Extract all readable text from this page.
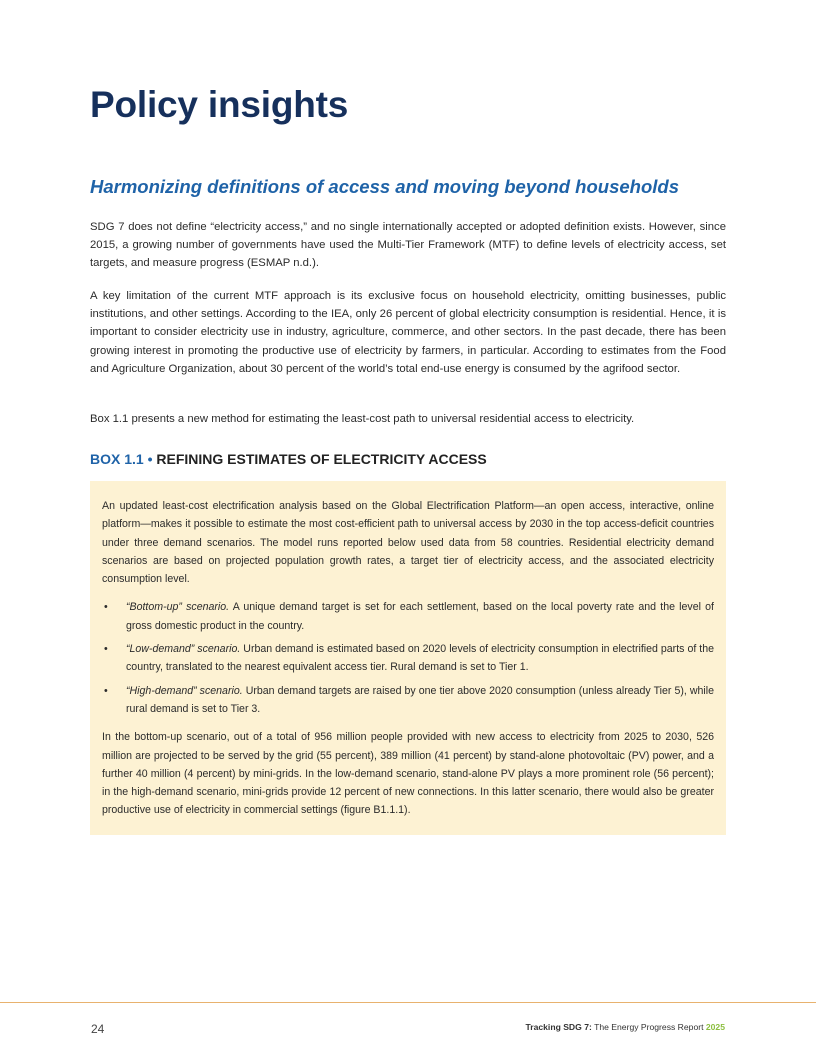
Policy insights
Harmonizing definitions of access and moving beyond households

SDG 7 does not define “electricity access,” and no single internationally accepted or adopted definition exists. However, since 2015, a growing number of governments have used the Multi-Tier Framework (MTF) to define levels of electricity access, set targets, and measure progress (ESMAP n.d.).

A key limitation of the current MTF approach is its exclusive focus on household electricity, omitting businesses, public institutions, and other settings. According to the IEA, only 26 percent of global electricity consumption is residential. Hence, it is important to consider electricity use in industry, agriculture, commerce, and other sectors. In the past decade, there has been growing interest in promoting the productive use of electricity by farmers, in particular. According to estimates from the Food and Agriculture Organization, about 30 percent of the world’s total end-use energy is consumed by the agrifood sector.

Box 1.1 presents a new method for estimating the least-cost path to universal residential access to electricity.

BOX 1.1 • REFINING ESTIMATES OF ELECTRICITY ACCESS

An updated least-cost electrification analysis based on the Global Electrification Platform—an open access, interactive, online platform—makes it possible to estimate the most cost-efficient path to universal access by 2030 in the top access-deficit countries under three demand scenarios. The model runs reported below used data from 58 countries. Residential electricity demand scenarios are based on projected population growth rates, a target tier of electricity access, and the associated electricity consumption level.

• “Bottom-up” scenario. A unique demand target is set for each settlement, based on the local poverty rate and the level of gross domestic product in the country.
• “Low-demand” scenario. Urban demand is estimated based on 2020 levels of electricity consumption in electrified parts of the country, translated to the nearest equivalent access tier. Rural demand is set to Tier 1.
• “High-demand” scenario. Urban demand targets are raised by one tier above 2020 consumption (unless already Tier 5), while rural demand is set to Tier 3.

In the bottom-up scenario, out of a total of 956 million people provided with new access to electricity from 2025 to 2030, 526 million are projected to be served by the grid (55 percent), 389 million (41 percent) by stand-alone photovoltaic (PV) power, and a further 40 million (4 percent) by mini-grids. In the low-demand scenario, stand-alone PV plays a more prominent role (56 percent); in the high-demand scenario, mini-grids provide 12 percent of new connections. In this latter scenario, there would also be greater productive use of electricity in commercial settings (figure B1.1.1).

24	Tracking SDG 7: The Energy Progress Report 2025
